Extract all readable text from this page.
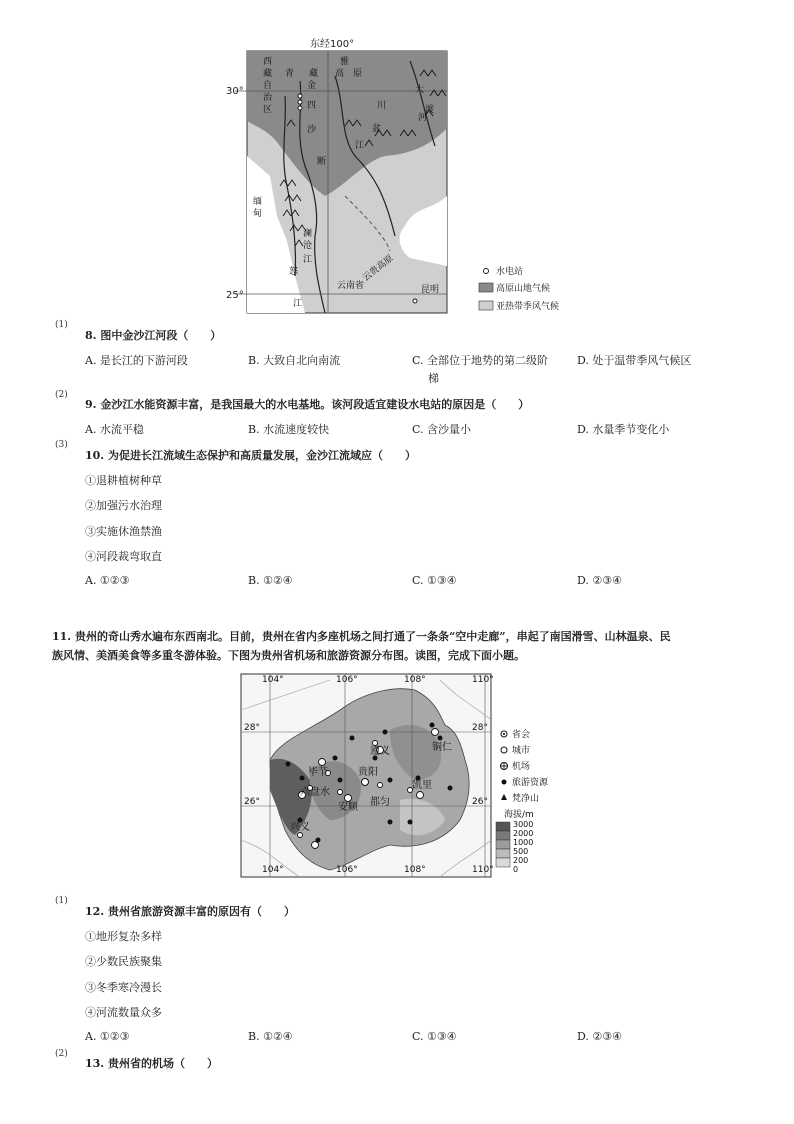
东经100°
30°
25°
西
藏
自
治
区
青 藏 高 原
雅
四	川
盆
大
渡
河
金
沙
江
缅
甸
澜
沧
江
怒
江
断
云南省	昆明
云贵高原	水电站
高原山地气候
亚热带季风气候
(1)
8. 图中金沙江河段（　　）
A. 是长江的下游河段	B. 大致自北向南流	C. 全部位于地势的第二级阶	D. 处于温带季风气候区
梯
(2)
9. 金沙江水能资源丰富，是我国最大的水电基地。该河段适宜建设水电站的原因是（　　）
A. 水流平稳	B. 水流速度较快	C. 含沙量小	D. 水量季节变化小
(3)
10. 为促进长江流域生态保护和高质量发展，金沙江流域应（　　）
①退耕植树种草
②加强污水治理
③实施休渔禁渔
④河段裁弯取直
A. ①②③	B. ①②④	C. ①③④	D. ②③④
11. 贵州的奇山秀水遍布东西南北。目前，贵州在省内多座机场之间打通了一条条“空中走廊”，串起了南国滑雪、山林温泉、民
族风情、美酒美食等多重冬游体验。下图为贵州省机场和旅游资源分布图。读图，完成下面小题。
104°	106°	108°	110°
104°	106°	108°	110°
28°
26°
28°
26°
毕节
遵义	铜仁
贵阳
六盘水
安顺 都匀
凯里
兴义
省会
城市
机场
旅游资源
梵净山
海拔/m
3000
2000
1000
500
200
0
(1)
12. 贵州省旅游资源丰富的原因有（　　）
①地形复杂多样
②少数民族聚集
③冬季寒冷漫长
④河流数量众多
A. ①②③	B. ①②④	C. ①③④	D. ②③④
(2)
13. 贵州省的机场（　　）
